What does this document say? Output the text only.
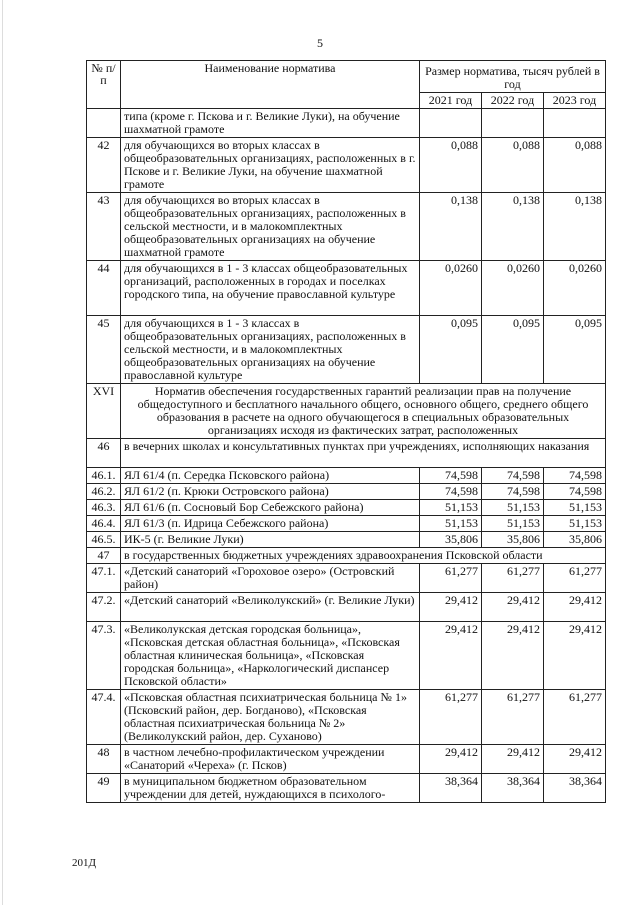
5
№ п/п	Наименование норматива	Размер норматива, тысяч рублей в год		
		2021 год	2022 год	2023 год
	типа (кроме г. Пскова и г. Великие Луки), на обучение шахматной грамоте			
42	для обучающихся во вторых классах в общеобразовательных организациях, расположенных в г. Пскове и г. Великие Луки, на обучение шахматной грамоте	0,088	0,088	0,088
43	для обучающихся во вторых классах в общеобразовательных организациях, расположенных в сельской местности, и в малокомплектных общеобразовательных организациях на обучение шахматной грамоте	0,138	0,138	0,138
44	для обучающихся в 1 - 3 классах общеобразовательных организаций, расположенных в городах и поселках городского типа, на обучение православной культуре	0,0260	0,0260	0,0260
45	для обучающихся в 1 - 3 классах в общеобразовательных организациях, расположенных в сельской местности, и в малокомплектных общеобразовательных организациях на обучение православной культуре	0,095	0,095	0,095
XVI	Норматив обеспечения государственных гарантий реализации прав на получение общедоступного и бесплатного начального общего, основного общего, среднего общего образования в расчете на одного обучающегося в специальных образовательных организациях исходя из фактических затрат, расположенных			
46	в вечерних школах и консультативных пунктах при учреждениях, исполняющих наказания			
46.1.	ЯЛ 61/4 (п. Середка Псковского района)	74,598	74,598	74,598
46.2.	ЯЛ 61/2 (п. Крюки Островского района)	74,598	74,598	74,598
46.3.	ЯЛ 61/6 (п. Сосновый Бор Себежского района)	51,153	51,153	51,153
46.4.	ЯЛ 61/3 (п. Идрица Себежского района)	51,153	51,153	51,153
46.5.	ИК-5 (г. Великие Луки)	35,806	35,806	35,806
47	в государственных бюджетных учреждениях здравоохранения Псковской области			
47.1.	«Детский санаторий «Гороховое озеро» (Островский район)	61,277	61,277	61,277
47.2.	«Детский санаторий «Великолукский» (г. Великие Луки)	29,412	29,412	29,412
47.3.	«Великолукская детская городская больница», «Псковская детская областная больница», «Псковская областная клиническая больница», «Псковская городская больница», «Наркологический диспансер Псковской области»	29,412	29,412	29,412
47.4.	«Псковская областная психиатрическая больница № 1» (Псковский район, дер. Богданово), «Псковская областная психиатрическая больница № 2» (Великолукский район, дер. Суханово)	61,277	61,277	61,277
48	в частном лечебно-профилактическом учреждении «Санаторий «Череха» (г. Псков)	29,412	29,412	29,412
49	в муниципальном бюджетном образовательном учреждении для детей, нуждающихся в психолого-	38,364	38,364	38,364
201Д
